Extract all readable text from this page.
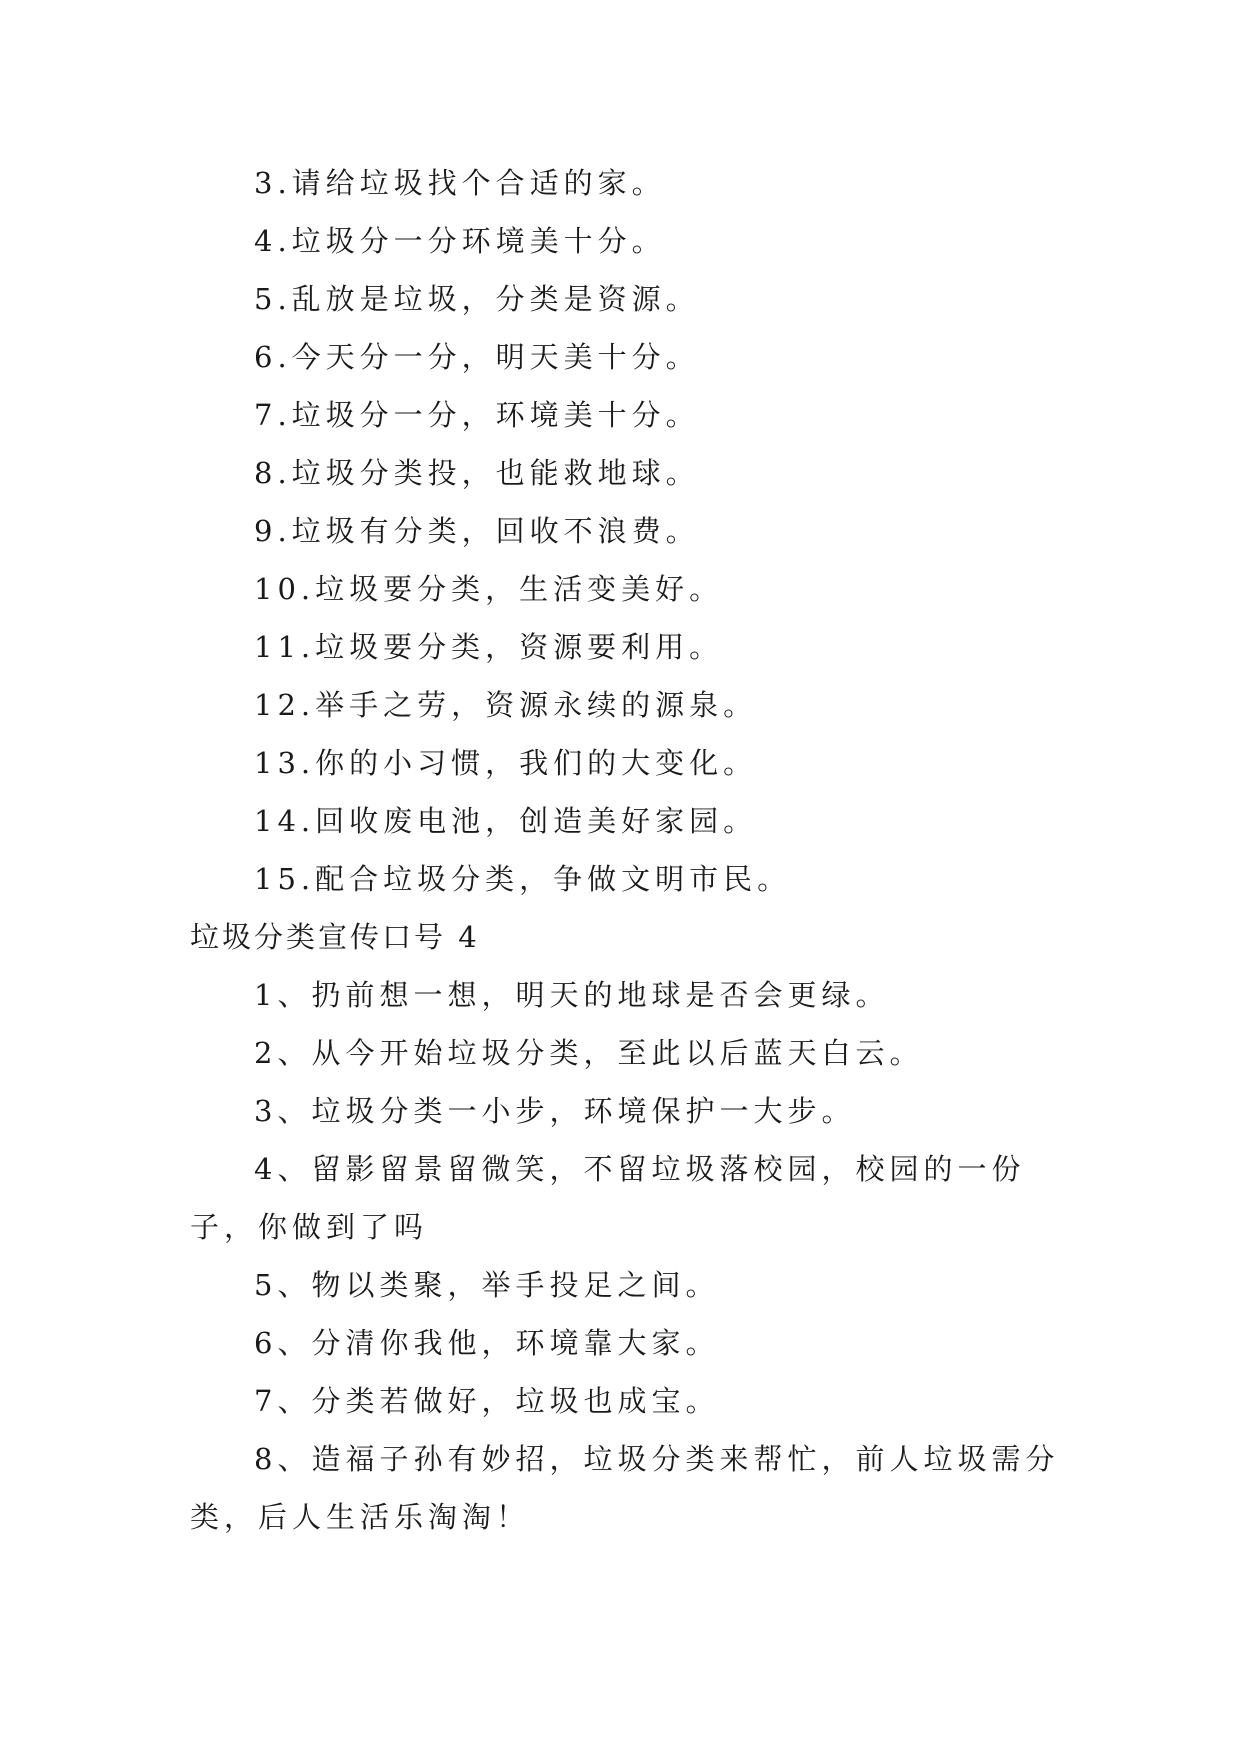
3.请给垃圾找个合适的家。
4.垃圾分一分环境美十分。
5.乱放是垃圾，分类是资源。
6.今天分一分，明天美十分。
7.垃圾分一分，环境美十分。
8.垃圾分类投，也能救地球。
9.垃圾有分类，回收不浪费。
10.垃圾要分类，生活变美好。
11.垃圾要分类，资源要利用。
12.举手之劳，资源永续的源泉。
13.你的小习惯，我们的大变化。
14.回收废电池，创造美好家园。
15.配合垃圾分类，争做文明市民。
垃圾分类宣传口号 4
1、扔前想一想，明天的地球是否会更绿。
2、从今开始垃圾分类，至此以后蓝天白云。
3、垃圾分类一小步，环境保护一大步。
4、留影留景留微笑，不留垃圾落校园，校园的一份子，你做到了吗
5、物以类聚，举手投足之间。
6、分清你我他，环境靠大家。
7、分类若做好，垃圾也成宝。
8、造福子孙有妙招，垃圾分类来帮忙，前人垃圾需分类，后人生活乐淘淘！
